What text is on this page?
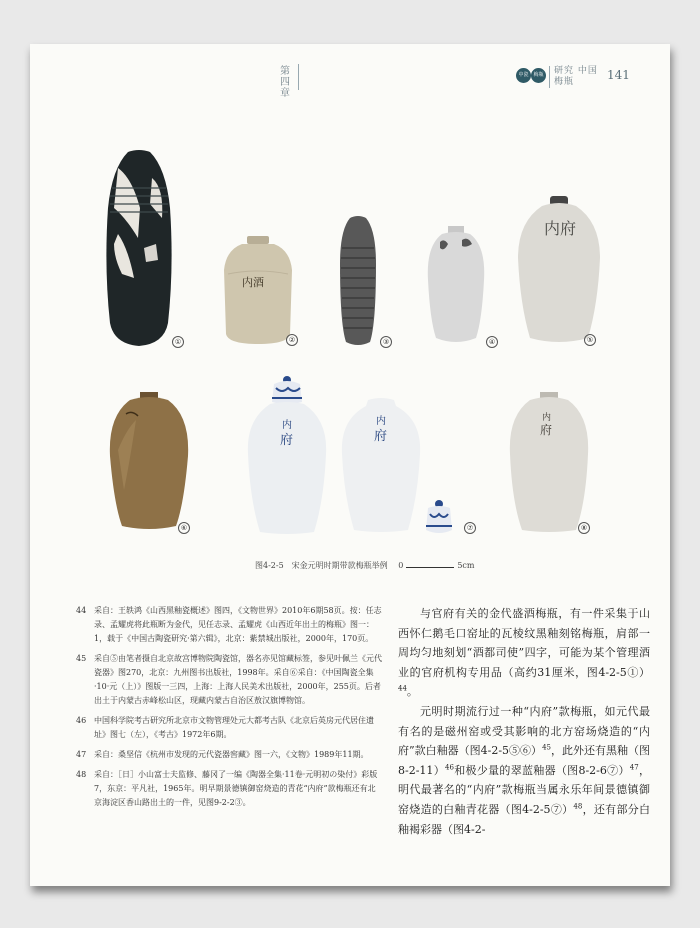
第四章
中瓷 梅瓶 研究 中国梅瓶	141
①
内酒
②	③	④
内府
⑤
⑥
内
府
内
府
⑦
内
府
⑧
图4-2-5　宋金元明时期带款梅瓶举例 0	5cm
44 采自：王轶鸿《山西黑釉瓷概述》图四，《文物世界》2010年6期58页。按：任志录、孟耀虎将此瓶断为金代，见任志录、孟耀虎《山西近年出土的梅瓶》图一：1，载于《中国古陶瓷研究·第六辑》，北京：紫禁城出版社，2000年，170页。
45 采自⑤由笔者摄自北京故宫博物院陶瓷馆，器名亦见馆藏标签，参见叶佩兰《元代瓷器》图270，北京：九州图书出版社，1998年。采自⑥采自：《中国陶瓷全集·10·元（上）》图版一三四，上海：上海人民美术出版社，2000年，255页。后者出土于内蒙古赤峰松山区，现藏内蒙古自治区敖汉旗博物馆。
46 中国科学院考古研究所北京市文物管理处元大都考古队《北京后英房元代居住遗址》图七（左），《考古》1972年6期。
47 采自：桑坚信《杭州市发现的元代瓷器窖藏》图一六，《文物》1989年11期。
48 采自：［日］小山富士夫监修、藤冈了一编《陶器全集·11卷·元明初の染付》彩版7，东京：平凡社，1965年。明早期景德镇御窑烧造的青花“内府”款梅瓶还有北京海淀区香山路出土的一件，见图9-2-2③。

与官府有关的金代盛酒梅瓶，有一件采集于山西怀仁鹅毛口窑址的瓦棱纹黑釉刻铭梅瓶，肩部一周均匀地刻划“酒都司使”四字，可能为某个管理酒业的官府机构专用品（高约31厘米，图4-2-5①）$^{44}$。

元明时期流行过一种“内府”款梅瓶，如元代最有名的是磁州窑或受其影响的北方窑场烧造的“内府”款白釉器（图4-2-5⑤⑥）$^{45}$，此外还有黑釉（图8-2-11）$^{46}$和极少量的翠蓝釉器（图8-2-6⑦）$^{47}$，明代最著名的“内府”款梅瓶当属永乐年间景德镇御窑烧造的白釉青花器（图4-2-5⑦）$^{48}$，还有部分白釉褐彩器（图4-2-
